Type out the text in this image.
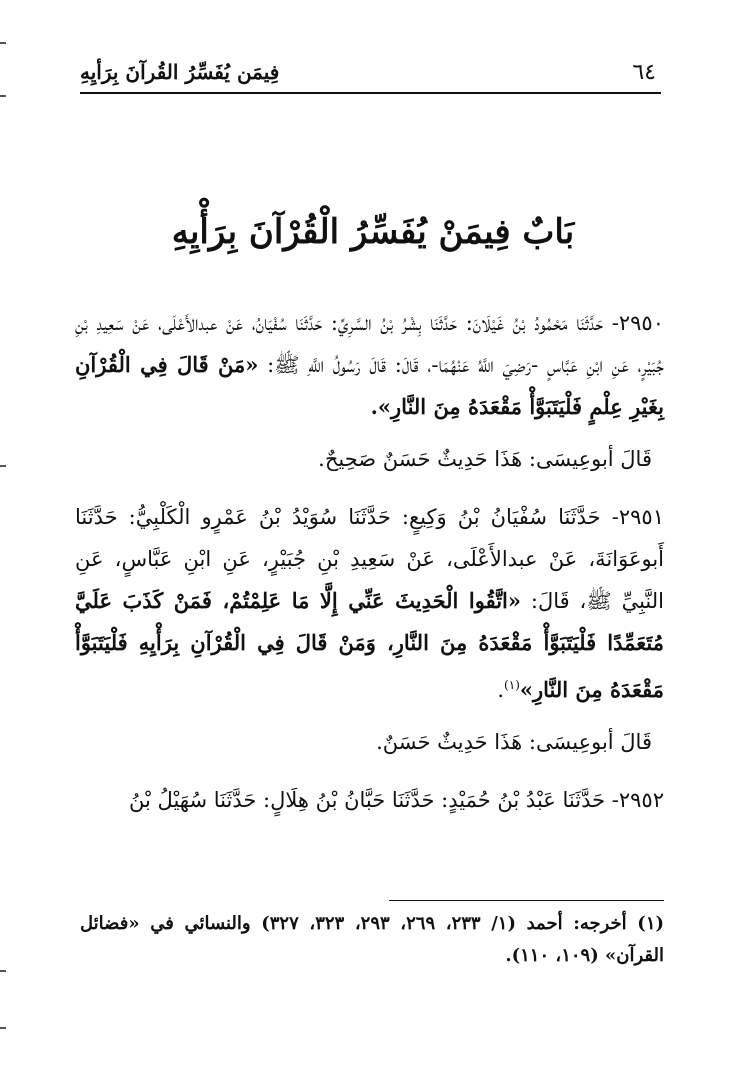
٦٤
فِيمَن يُفَسِّرُ القُرآنَ بِرَأيِهِ
بَابٌ فِيمَنْ يُفَسِّرُ الْقُرْآنَ بِرَأْيِهِ

٢٩٥٠- حَدَّثَنَا مَحْمُودُ بْنُ غَيْلَانَ: حَدَّثَنَا بِشْرُ بْنُ السَّرِيِّ: حَدَّثَنَا سُفْيَانُ، عَنْ عبدالأَعْلَى، عَنْ سَعِيدِ بْنِ جُبَيْرٍ، عَنِ ابْنِ عَبَّاسٍ -رَضِيَ اللَّهُ عَنْهُمَا-، قَالَ: قَالَ رَسُولُ اللَّهِ ﷺ: «مَنْ قَالَ فِي الْقُرْآنِ بِغَيْرِ عِلْمٍ فَلْيَتَبَوَّأْ مَقْعَدَهُ مِنَ النَّارِ».

قَالَ أبوعِيسَى: هَذَا حَدِيثٌ حَسَنٌ صَحِيحٌ.

٢٩٥١- حَدَّثَنَا سُفْيَانُ بْنُ وَكِيعٍ: حَدَّثَنَا سُوَيْدُ بْنُ عَمْرٍو الْكَلْبِيُّ: حَدَّثَنَا أَبوعَوَانَةَ، عَنْ عبدالأَعْلَى، عَنْ سَعِيدِ بْنِ جُبَيْرٍ، عَنِ ابْنِ عَبَّاسٍ، عَنِ النَّبِيِّ ﷺ، قَالَ: «اتَّقُوا الْحَدِيثَ عَنِّي إِلَّا مَا عَلِمْتُمْ، فَمَنْ كَذَبَ عَلَيَّ مُتَعَمِّدًا فَلْيَتَبَوَّأْ مَقْعَدَهُ مِنَ النَّارِ، وَمَنْ قَالَ فِي الْقُرْآنِ بِرَأْيِهِ فَلْيَتَبَوَّأْ مَقْعَدَهُ مِنَ النَّارِ»$^{(١)}$.

قَالَ أبوعِيسَى: هَذَا حَدِيثٌ حَسَنٌ.

٢٩٥٢- حَدَّثَنَا عَبْدُ بْنُ حُمَيْدٍ: حَدَّثَنَا حَبَّانُ بْنُ هِلَالٍ: حَدَّثَنَا سُهَيْلُ بْنُ

(١) أخرجه: أحمد (١/ ٢٣٣، ٢٦٩، ٢٩٣، ٣٢٣، ٣٢٧) والنسائي في «فضائل القرآن» (١٠٩، ١١٠).
